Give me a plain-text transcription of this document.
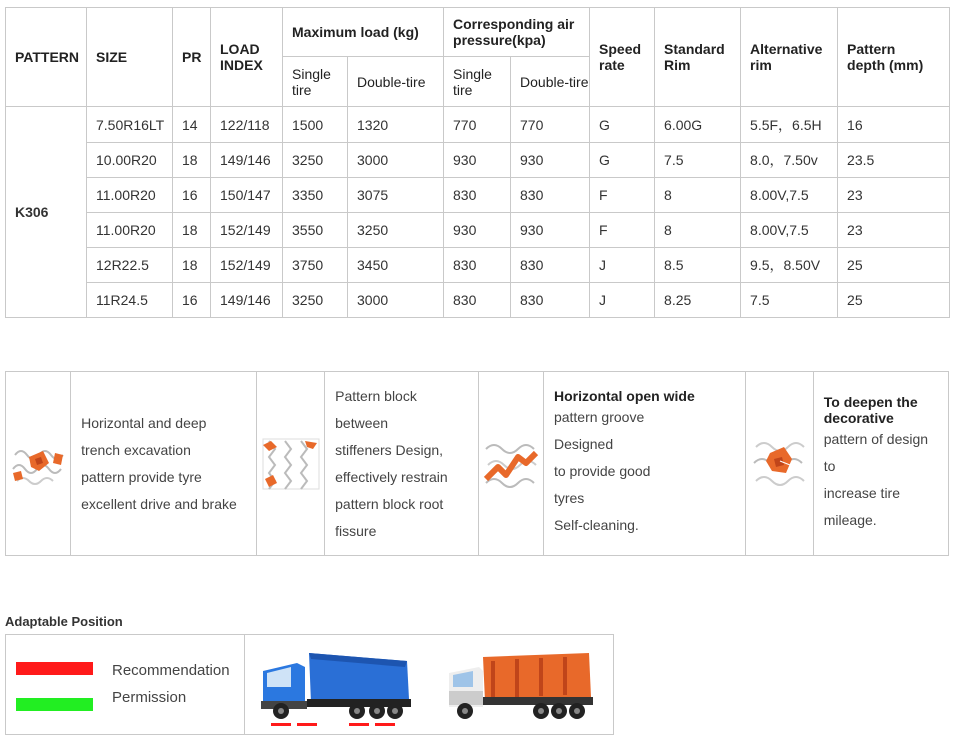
PATTERN	SIZE	PR	LOAD INDEX	Maximum load (kg)		Corresponding air pressure(kpa)		Speed rate	Standard Rim	Alternative rim	Pattern depth (mm)
				Single tire	Double-tire	Single tire	Double-tire				
K306	7.50R16LT	14	122/118	1500	1320	770	770	G	6.00G	5.5F，6.5H	16
	10.00R20	18	149/146	3250	3000	930	930	G	7.5	8.0，7.50v	23.5
	11.00R20	16	150/147	3350	3075	830	830	F	8	8.00V,7.5	23
	11.00R20	18	152/149	3550	3250	930	930	F	8	8.00V,7.5	23
	12R22.5	18	152/149	3750	3450	830	830	J	8.5	9.5，8.50V	25
	11R24.5	16	149/146	3250	3000	830	830	J	8.25	7.5	25
Horizontal and deep
trench excavation
pattern provide tyre
excellent drive and brake
Pattern block
between
stiffeners Design,
effectively restrain
pattern block root
fissure
Horizontal open wide
pattern groove
Designed
to provide good
tyres
Self-cleaning.
To deepen the decorative
pattern of design
to
increase tire
mileage.
Adaptable Position
Recommendation
Permission
